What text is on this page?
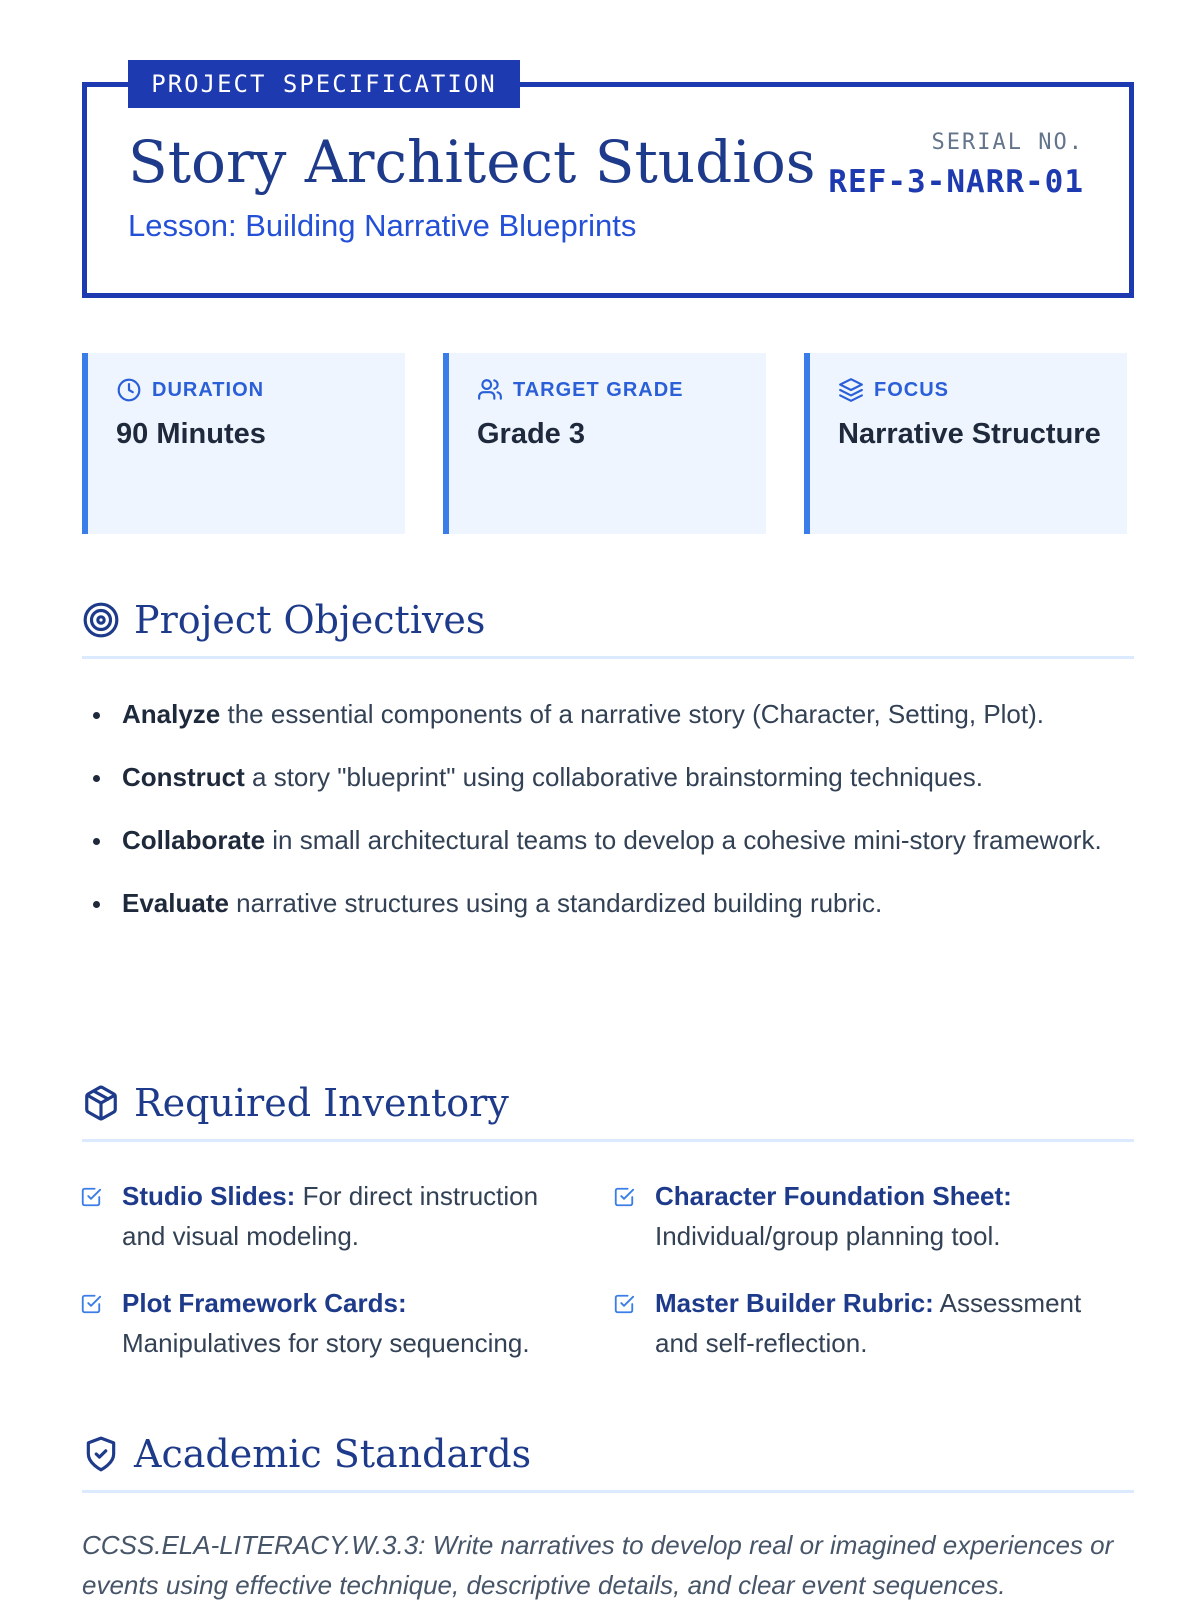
PROJECT SPECIFICATION
Story Architect Studios
Lesson: Building Narrative Blueprints
SERIAL NO.
REF-3-NARR-01
DURATION
90 Minutes
TARGET GRADE
Grade 3
FOCUS
Narrative Structure
Project Objectives
Analyze the essential components of a narrative story (Character, Setting, Plot).
Construct a story "blueprint" using collaborative brainstorming techniques.
Collaborate in small architectural teams to develop a cohesive mini-story framework.
Evaluate narrative structures using a standardized building rubric.
Required Inventory
Studio Slides: For direct instruction and visual modeling.
Character Foundation Sheet: Individual/group planning tool.
Plot Framework Cards: Manipulatives for story sequencing.
Master Builder Rubric: Assessment and self-reflection.
Academic Standards

CCSS.ELA-LITERACY.W.3.3: Write narratives to develop real or imagined experiences or events using effective technique, descriptive details, and clear event sequences.
